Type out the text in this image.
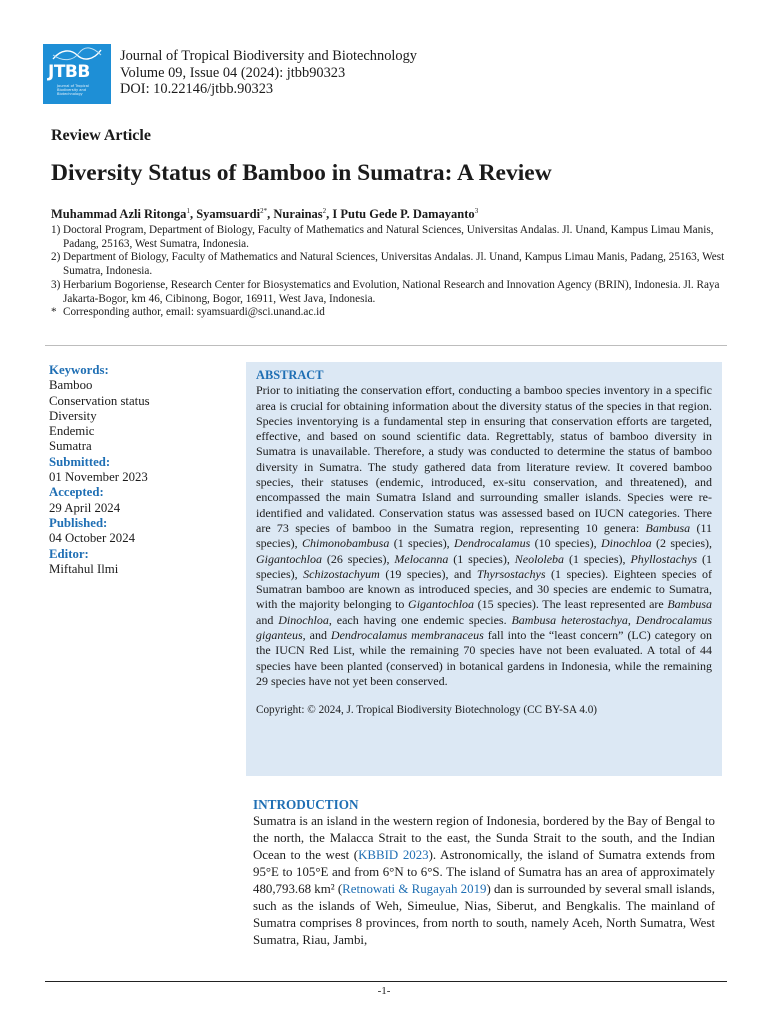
JTBB
Journal of Tropical Biodiversity and Biotechnology
Journal of Tropical Biodiversity and Biotechnology
Volume 09, Issue 04 (2024): jtbb90323
DOI: 10.22146/jtbb.90323
Review Article
Diversity Status of Bamboo in Sumatra: A Review
Muhammad Azli Ritonga$^1$, Syamsuardi$^{2*}$, Nurainas$^2$, I Putu Gede P. Damayanto$^3$
1) Doctoral Program, Department of Biology, Faculty of Mathematics and Natural Sciences, Universitas Andalas. Jl. Unand, Kampus Limau Manis, Padang, 25163, West Sumatra, Indonesia.
2) Department of Biology, Faculty of Mathematics and Natural Sciences, Universitas Andalas. Jl. Unand, Kampus Limau Manis, Padang, 25163, West Sumatra, Indonesia.
3) Herbarium Bogoriense, Research Center for Biosystematics and Evolution, National Research and Innovation Agency (BRIN), Indonesia. Jl. Raya Jakarta-Bogor, km 46, Cibinong, Bogor, 16911, West Java, Indonesia.
* Corresponding author, email: syamsuardi@sci.unand.ac.id
Keywords:
Bamboo
Conservation status
Diversity
Endemic
Sumatra
Submitted:
01 November 2023
Accepted:
29 April 2024
Published:
04 October 2024
Editor:
Miftahul Ilmi
ABSTRACT

Prior to initiating the conservation effort, conducting a bamboo species inventory in a specific area is crucial for obtaining information about the diversity status of the species in that region. Species inventorying is a fundamental step in ensuring that conservation efforts are targeted, effective, and based on sound scientific data. Regrettably, status of bamboo diversity in Sumatra is unavailable. Therefore, a study was conducted to determine the status of bamboo diversity in Sumatra. The study gathered data from literature review. It covered bamboo species, their statuses (endemic, introduced, ex-situ conservation, and threatened), and encompassed the main Sumatra Island and surrounding smaller islands. Species were re-identified and validated. Conservation status was assessed based on IUCN categories. There are 73 species of bamboo in the Sumatra region, representing 10 genera: Bambusa (11 species), Chimonobambusa (1 species), Dendrocalamus (10 species), Dinochloa (2 species), Gigantochloa (26 species), Melocanna (1 species), Neololeba (1 species), Phyllostachys (1 species), Schizostachyum (19 species), and Thyrsostachys (1 species). Eighteen species of Sumatran bamboo are known as introduced species, and 30 species are endemic to Sumatra, with the majority belonging to Gigantochloa (15 species). The least represented are Bambusa and Dinochloa, each having one endemic species. Bambusa heterostachya, Dendrocalamus giganteus, and Dendrocalamus membranaceus fall into the “least concern” (LC) category on the IUCN Red List, while the remaining 70 species have not been evaluated. A total of 44 species have been planted (conserved) in botanical gardens in Indonesia, while the remaining 29 species have not yet been conserved.

Copyright: © 2024, J. Tropical Biodiversity Biotechnology (CC BY-SA 4.0)
INTRODUCTION

Sumatra is an island in the western region of Indonesia, bordered by the Bay of Bengal to the north, the Malacca Strait to the east, the Sunda Strait to the south, and the Indian Ocean to the west (KBBID 2023). Astronomically, the island of Sumatra extends from 95°E to 105°E and from 6°N to 6°S. The island of Sumatra has an area of approximately 480,793.68 km² (Retnowati & Rugayah 2019) dan is surrounded by several small islands, such as the islands of Weh, Simeulue, Nias, Siberut, and Bengkalis. The mainland of Sumatra comprises 8 provinces, from north to south, namely Aceh, North Sumatra, West Sumatra, Riau, Jambi,

-1-
